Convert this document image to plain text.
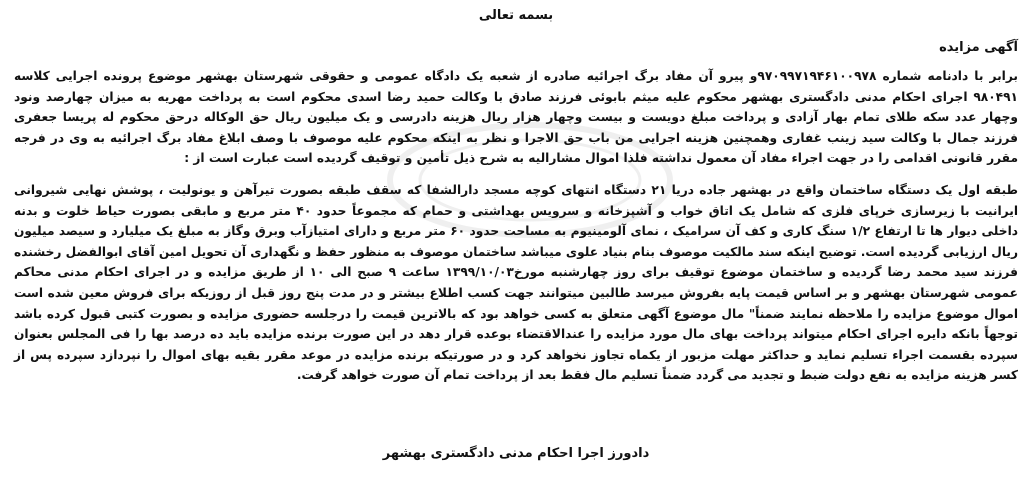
بسمه تعالی
آگهی مزایده
برابر با دادنامه شماره ۹۷۰۹۹۷۱۹۴۶۱۰۰۹۷۸و پیرو آن مفاد برگ اجرائیه صادره از شعبه یک دادگاه عمومی و حقوقی شهرستان بهشهر موضوع پرونده اجرایی کلاسه ۹۸۰۴۹۱ اجرای احکام مدنی دادگستری بهشهر محکوم علیه میثم بابوئی فرزند صادق با وکالت حمید رضا اسدی محکوم است به پرداخت مهریه به میزان چهارصد ونود وچهار عدد سکه طلای تمام بهار آزادی و پرداخت مبلغ دویست و بیست وچهار هزار ریال هزینه دادرسی و یک میلیون ریال حق الوکاله درحق محکوم له پریسا جعفری فرزند جمال با وکالت سید زینب غفاری وهمچنین هزینه اجرایی من باب حق الاجرا و نظر به اینکه محکوم علیه موصوف با وصف ابلاغ مفاد برگ اجرائیه به وی در فرجه مقرر قانونی اقدامی را در جهت اجراء مفاد آن معمول نداشته فلذا اموال مشارالیه به شرح ذیل تأمین و توقیف گردیده است عبارت است از :
طبقه اول یک دستگاه ساختمان واقع در بهشهر جاده دریا ۲۱ دستگاه انتهای کوچه مسجد دارالشفا که سقف طبقه بصورت تیرآهن و یونولیت ، پوشش نهایی شیروانی ایرانیت با زیرسازی خرپای فلزی که شامل یک اتاق خواب و آشپزخانه و سرویس بهداشتی و حمام که مجموعاً حدود ۴۰ متر مربع و مابقی بصورت حیاط خلوت و بدنه داخلی دیوار ها تا ارتفاع ۱/۲ سنگ کاری و کف آن سرامیک ، نمای آلومینیوم به مساحت حدود ۶۰ متر مربع و دارای امتیازآب وبرق وگاز به مبلغ یک میلیارد و سیصد میلیون ریال ارزیابی گردیده است. توضیح اینکه سند مالکیت موصوف بنام بنیاد علوی میباشد ساختمان موصوف به منظور حفظ و نگهداری آن تحویل امین آقای ابوالفضل رخشنده فرزند سید محمد رضا گردیده و ساختمان موضوع توقیف برای روز چهارشنبه مورخ۱۳۹۹/۱۰/۰۳ ساعت ۹ صبح الی ۱۰ از طریق مزایده و در اجرای احکام مدنی محاکم عمومی شهرستان بهشهر و بر اساس قیمت پایه بفروش میرسد طالبین میتوانند جهت کسب اطلاع بیشتر و در مدت پنج روز قبل از روزیکه برای فروش معین شده است اموال موضوع مزایده را ملاحظه نمایند ضمناً" مال موضوع آگهی متعلق به کسی خواهد بود که بالاترین قیمت را درجلسه حضوری مزایده و بصورت کتبی قبول کرده باشد توجهاً بانکه دایره اجرای احکام میتواند پرداخت بهای مال مورد مزایده را عندالاقتضاء بوعده قرار دهد در این صورت برنده مزایده باید ده درصد بها را فی المجلس بعنوان سپرده بقسمت اجراء تسلیم نماید و حداکثر مهلت مزبور از یکماه تجاوز نخواهد کرد و در صورتیکه برنده مزایده در موعد مقرر بقیه بهای اموال را نپردازد سپرده پس از کسر هزینه مزایده به نفع دولت ضبط و تجدید می گردد ضمناً تسلیم مال فقط بعد از پرداخت تمام آن صورت خواهد گرفت.
دادورز اجرا احکام مدنی دادگستری بهشهر
